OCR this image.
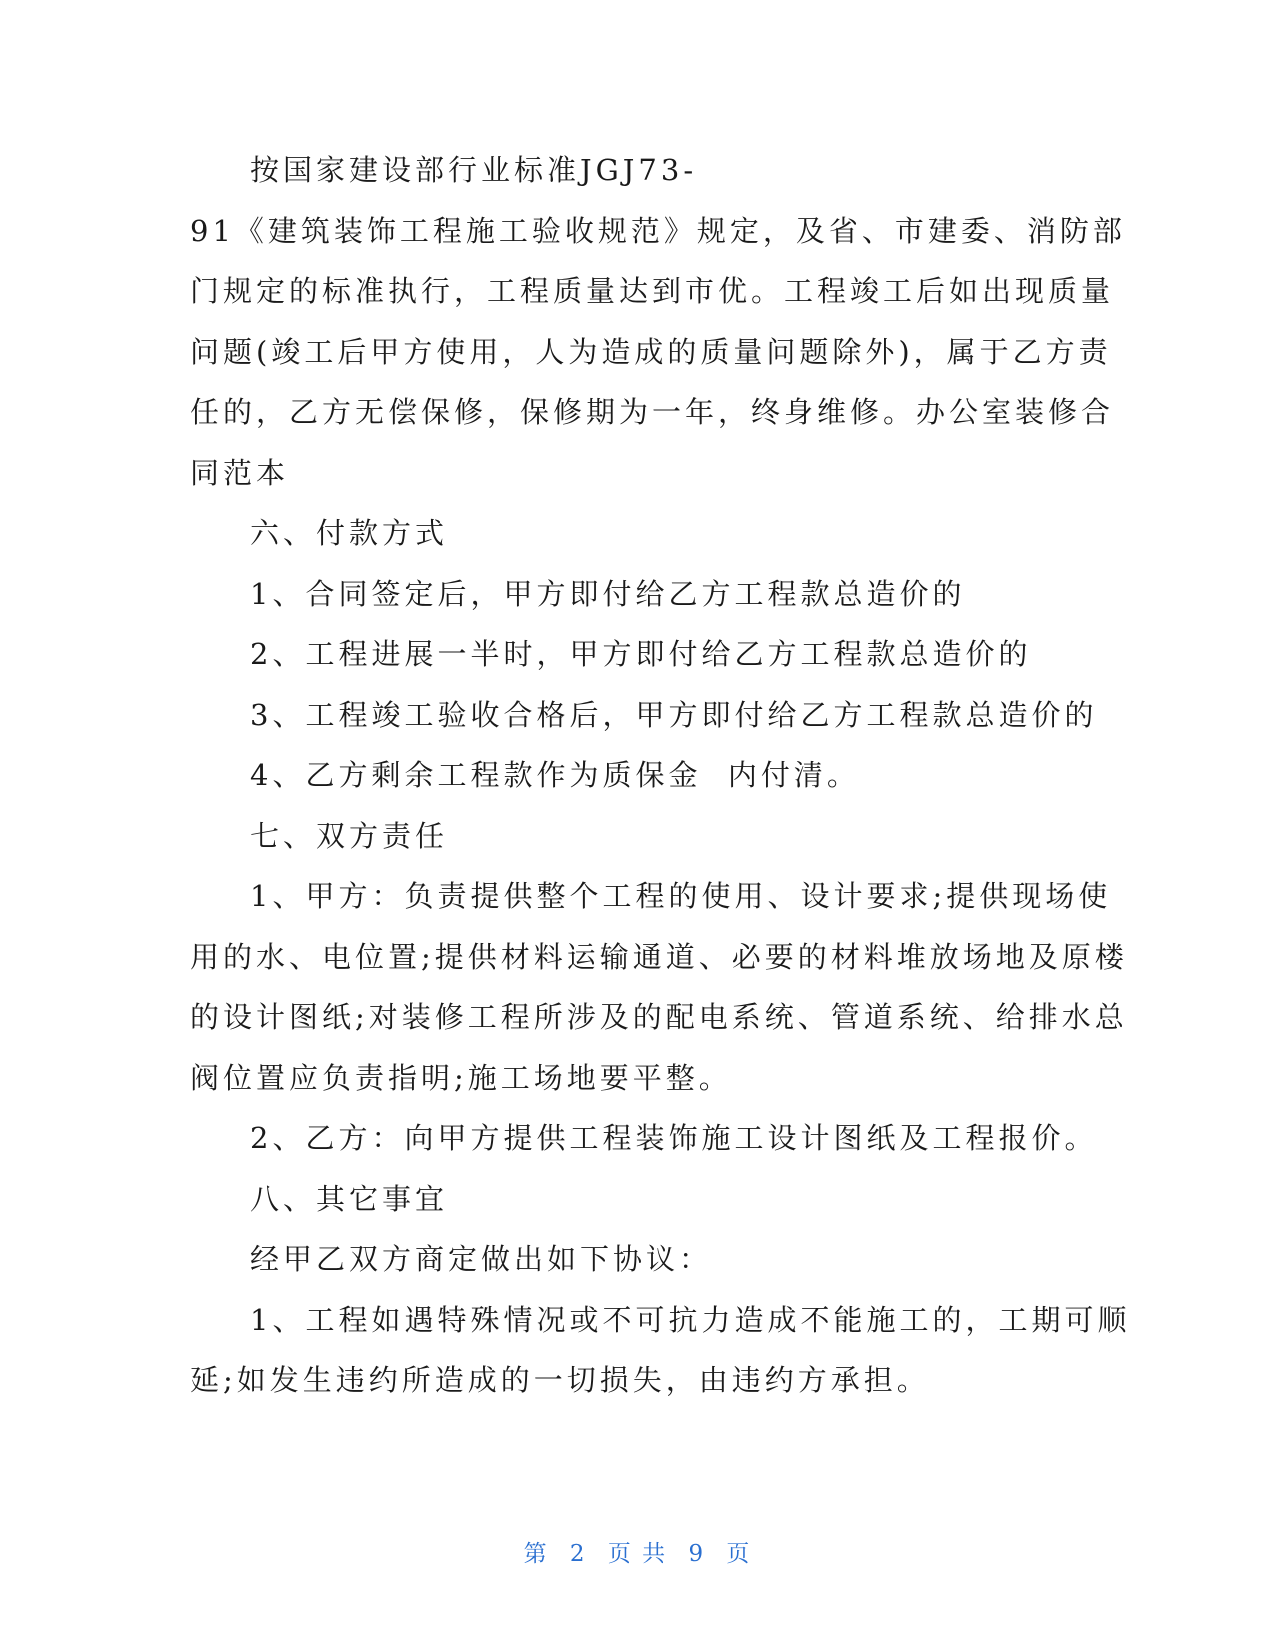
按国家建设部行业标准JGJ73-
91《建筑装饰工程施工验收规范》规定，及省、市建委、消防部
门规定的标准执行，工程质量达到市优。工程竣工后如出现质量
问题(竣工后甲方使用，人为造成的质量问题除外)，属于乙方责
任的，乙方无偿保修，保修期为一年，终身维修。办公室装修合
同范本
六、付款方式
1、合同签定后，甲方即付给乙方工程款总造价的
2、工程进展一半时，甲方即付给乙方工程款总造价的
3、工程竣工验收合格后，甲方即付给乙方工程款总造价的
4、乙方剩余工程款作为质保金  内付清。
七、双方责任
1、甲方：负责提供整个工程的使用、设计要求;提供现场使
用的水、电位置;提供材料运输通道、必要的材料堆放场地及原楼
的设计图纸;对装修工程所涉及的配电系统、管道系统、给排水总
阀位置应负责指明;施工场地要平整。
2、乙方：向甲方提供工程装饰施工设计图纸及工程报价。
八、其它事宜
经甲乙双方商定做出如下协议：
1、工程如遇特殊情况或不可抗力造成不能施工的，工期可顺
延;如发生违约所造成的一切损失，由违约方承担。
第 2 页 共 9 页
